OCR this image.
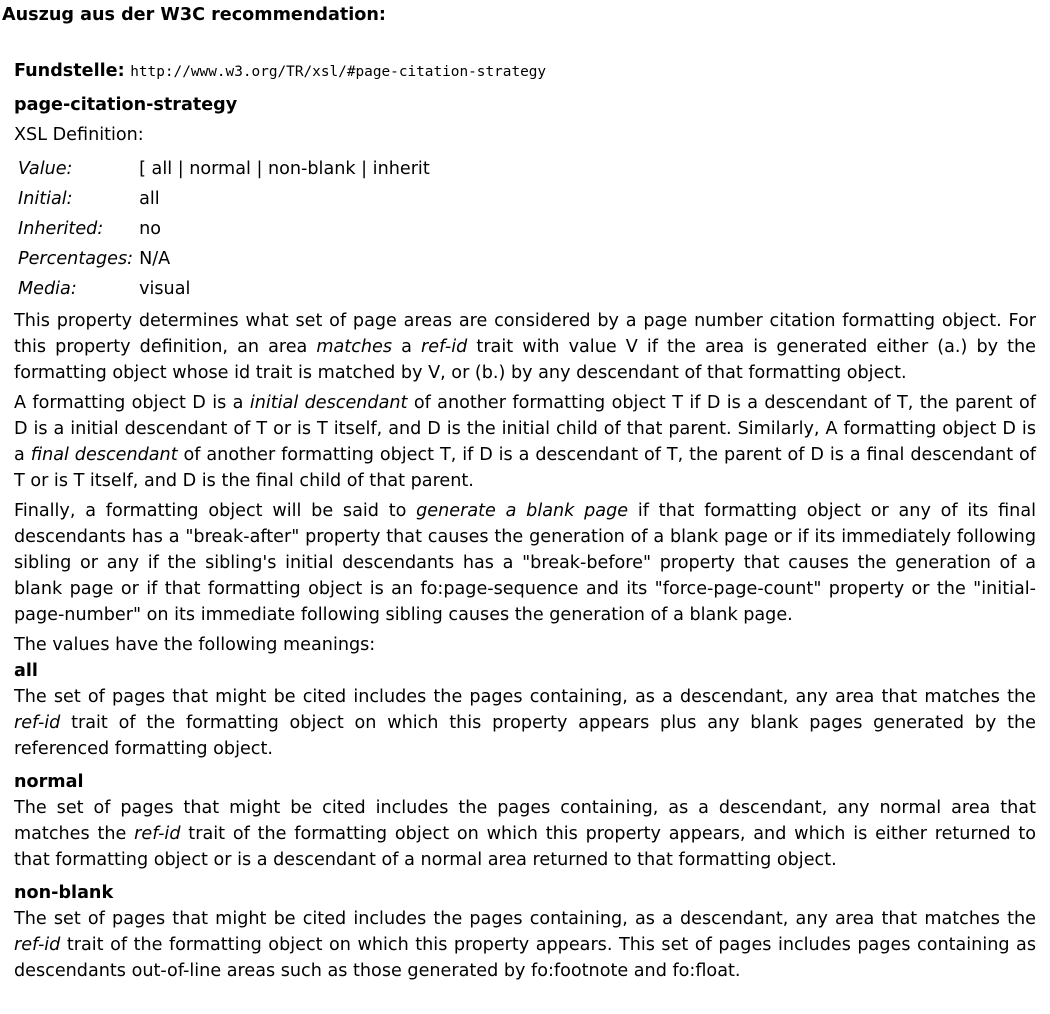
Auszug aus der W3C recommendation:
Fundstelle: http://www.w3.org/TR/xsl/#page-citation-strategy
page-citation-strategy
XSL Definition:
Value:	[ all | normal | non-blank | inherit
Initial:	all
Inherited:	no
Percentages:	N/A
Media:	visual

This property determines what set of page areas are considered by a page number citation formatting object. For this property definition, an area matches a ref-id trait with value V if the area is generated either (a.) by the formatting object whose id trait is matched by V, or (b.) by any descendant of that formatting object.

A formatting object D is a initial descendant of another formatting object T if D is a descendant of T, the parent of D is a initial descendant of T or is T itself, and D is the initial child of that parent. Similarly, A formatting object D is a final descendant of another formatting object T, if D is a descendant of T, the parent of D is a final descendant of T or is T itself, and D is the final child of that parent.

Finally, a formatting object will be said to generate a blank page if that formatting object or any of its final descendants has a "break-after" property that causes the generation of a blank page or if its immediately following sibling or any if the sibling's initial descendants has a "break-before" property that causes the generation of a blank page or if that formatting object is an fo:page-sequence and its "force-page-count" property or the "initial-page-number" on its immediate following sibling causes the generation of a blank page.

The values have the following meanings:

all

The set of pages that might be cited includes the pages containing, as a descendant, any area that matches the ref-id trait of the formatting object on which this property appears plus any blank pages generated by the referenced formatting object.

normal

The set of pages that might be cited includes the pages containing, as a descendant, any normal area that matches the ref-id trait of the formatting object on which this property appears, and which is either returned to that formatting object or is a descendant of a normal area returned to that formatting object.

non-blank

The set of pages that might be cited includes the pages containing, as a descendant, any area that matches the ref-id trait of the formatting object on which this property appears. This set of pages includes pages containing as descendants out-of-line areas such as those generated by fo:footnote and fo:float.
